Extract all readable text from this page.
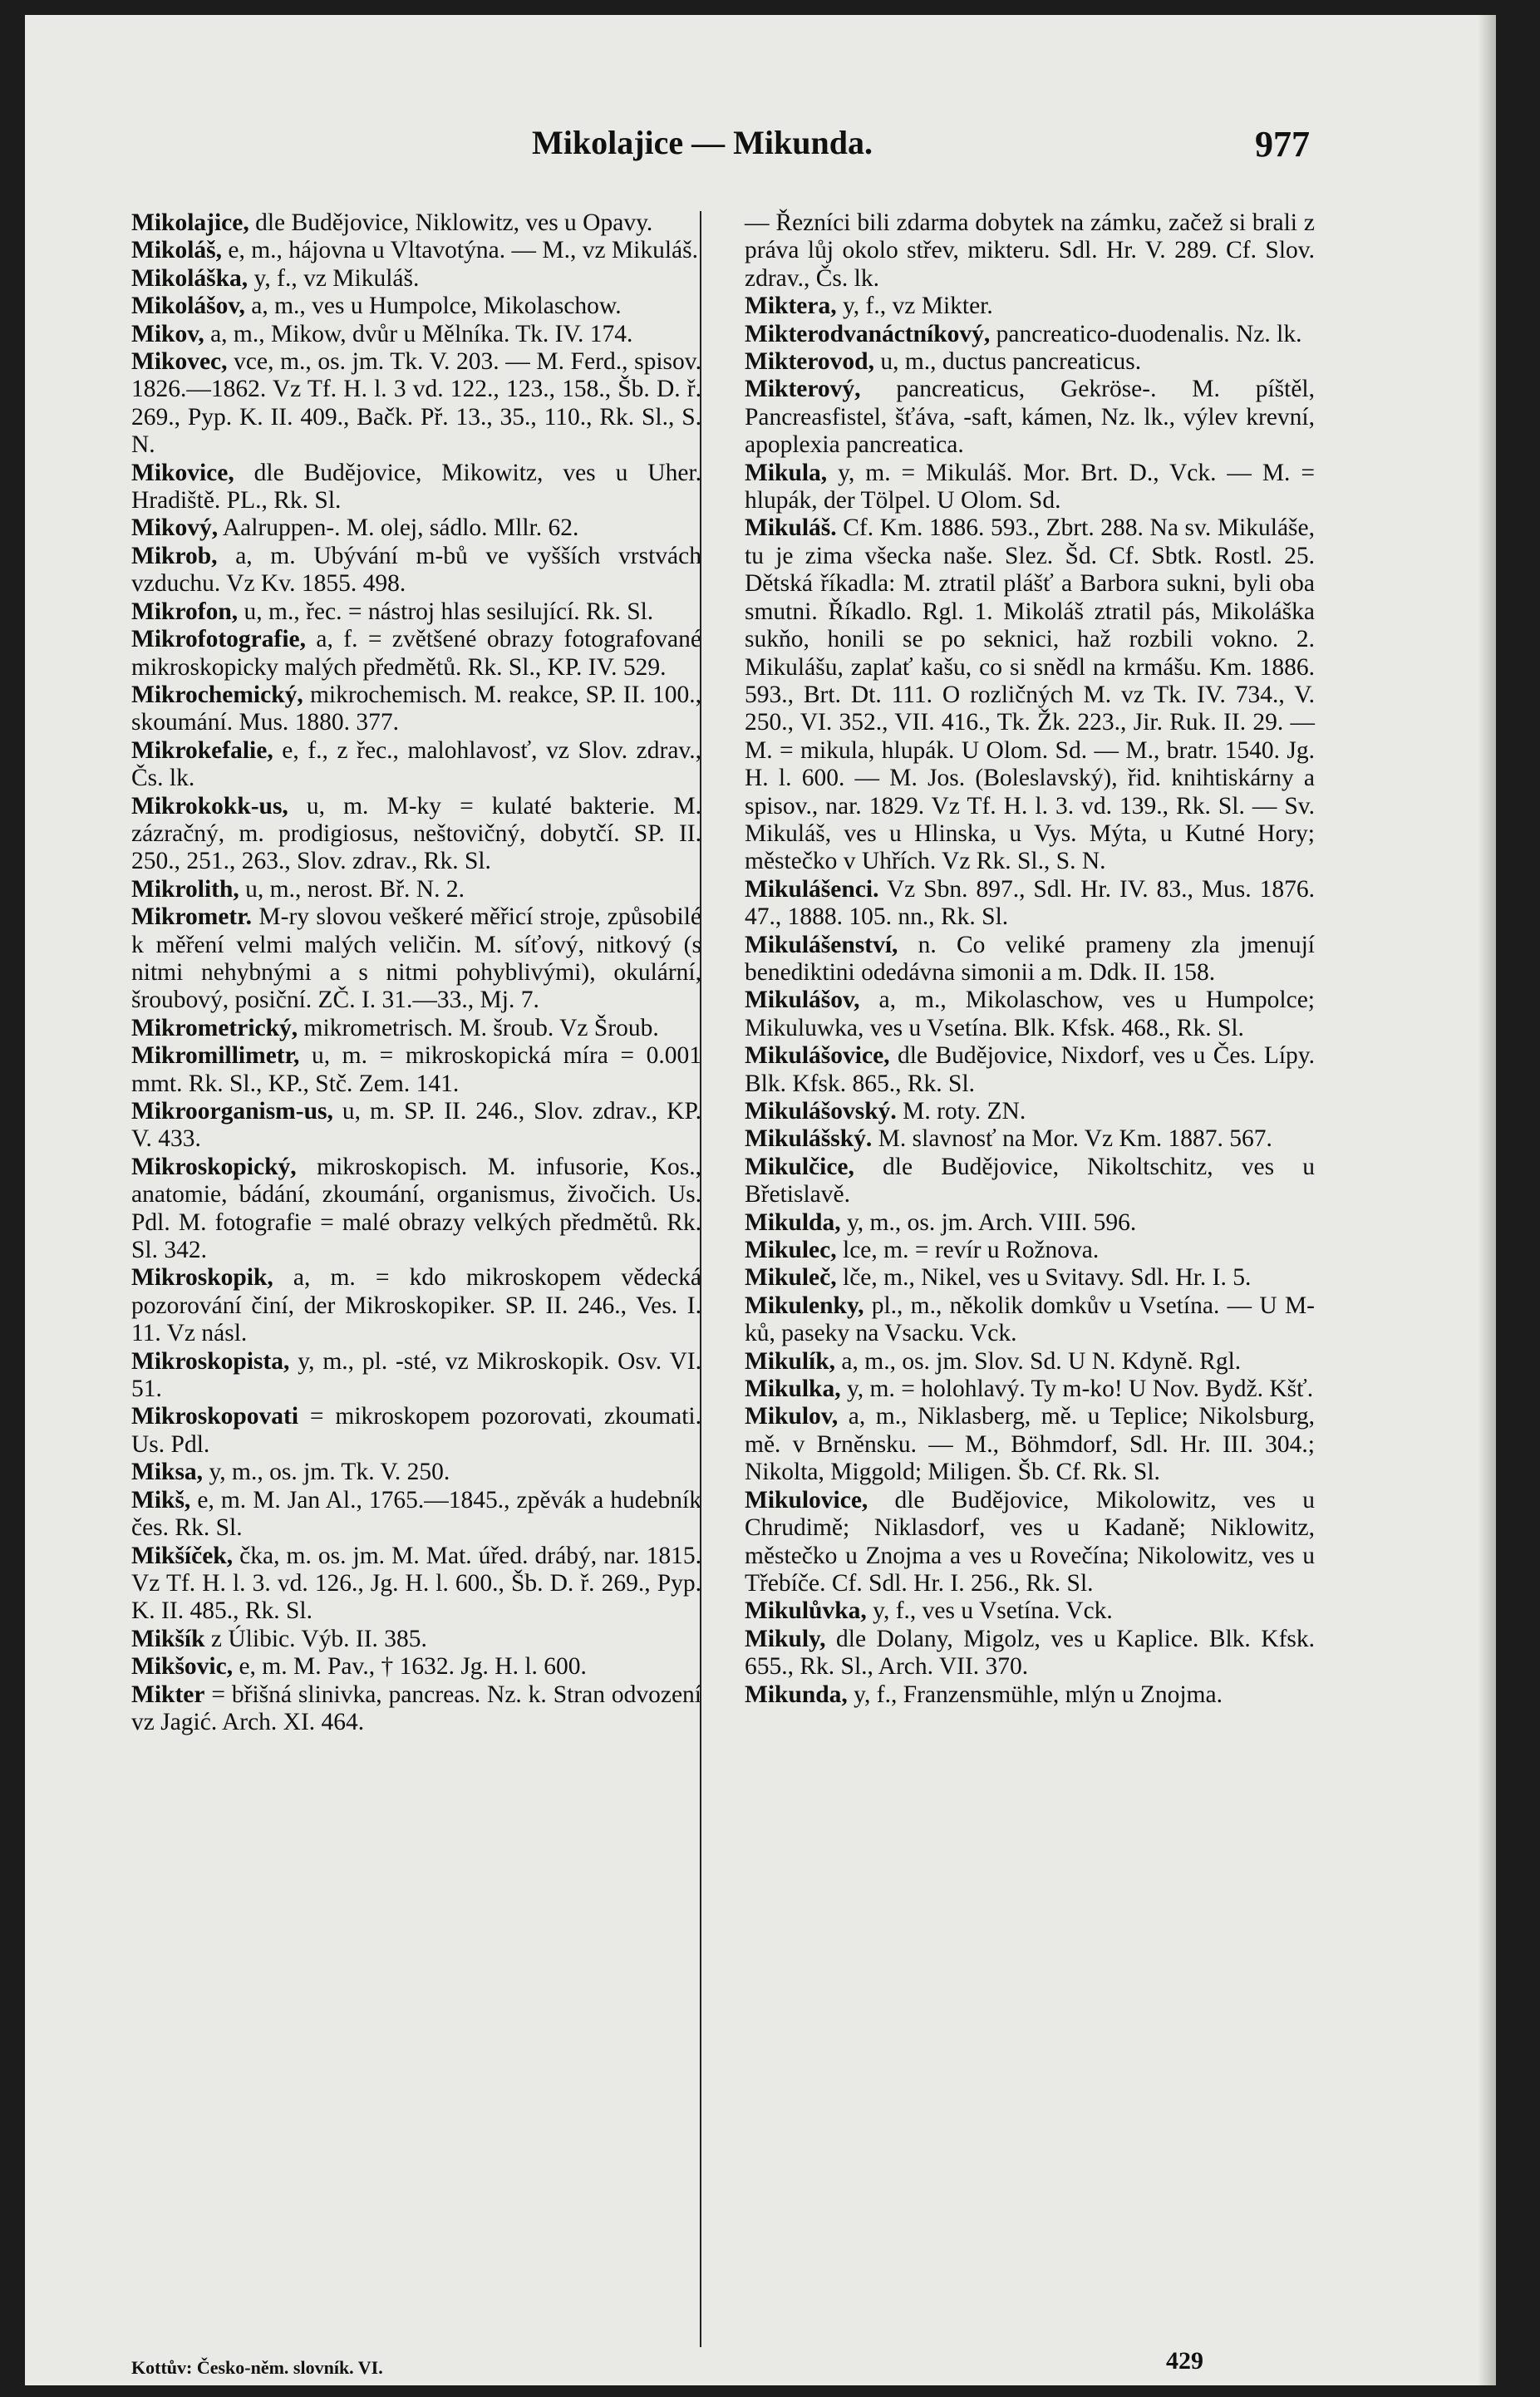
Mikolajice — Mikunda.	977

Mikolajice, dle Budějovice, Niklowitz, ves u Opavy.

Mikoláš, e, m., hájovna u Vltavotýna. — M., vz Mikuláš.

Mikoláška, y, f., vz Mikuláš.

Mikolášov, a, m., ves u Humpolce, Mikolaschow.

Mikov, a, m., Mikow, dvůr u Mělníka. Tk. IV. 174.

Mikovec, vce, m., os. jm. Tk. V. 203. — M. Ferd., spisov. 1826.—1862. Vz Tf. H. l. 3 vd. 122., 123., 158., Šb. D. ř. 269., Pyp. K. II. 409., Bačk. Př. 13., 35., 110., Rk. Sl., S. N.

Mikovice, dle Budějovice, Mikowitz, ves u Uher. Hradiště. PL., Rk. Sl.

Mikový, Aalruppen-. M. olej, sádlo. Mllr. 62.

Mikrob, a, m. Ubývání m-bů ve vyšších vrstvách vzduchu. Vz Kv. 1855. 498.

Mikrofon, u, m., řec. = nástroj hlas sesilující. Rk. Sl.

Mikrofotografie, a, f. = zvětšené obrazy fotografované mikroskopicky malých předmětů. Rk. Sl., KP. IV. 529.

Mikrochemický, mikrochemisch. M. reakce, SP. II. 100., skoumání. Mus. 1880. 377.

Mikrokefalie, e, f., z řec., malohlavosť, vz Slov. zdrav., Čs. lk.

Mikrokokk-us, u, m. M-ky = kulaté bakterie. M. zázračný, m. prodigiosus, neštovičný, dobytčí. SP. II. 250., 251., 263., Slov. zdrav., Rk. Sl.

Mikrolith, u, m., nerost. Bř. N. 2.

Mikrometr. M-ry slovou veškeré měřicí stroje, způsobilé k měření velmi malých veličin. M. síťový, nitkový (s nitmi nehybnými a s nitmi pohyblivými), okulární, šroubový, posiční. ZČ. I. 31.—33., Mj. 7.

Mikrometrický, mikrometrisch. M. šroub. Vz Šroub.

Mikromillimetr, u, m. = mikroskopická míra = 0.001 mmt. Rk. Sl., KP., Stč. Zem. 141.

Mikroorganism-us, u, m. SP. II. 246., Slov. zdrav., KP. V. 433.

Mikroskopický, mikroskopisch. M. infusorie, Kos., anatomie, bádání, zkoumání, organismus, živočich. Us. Pdl. M. fotografie = malé obrazy velkých předmětů. Rk. Sl. 342.

Mikroskopik, a, m. = kdo mikroskopem vědecká pozorování činí, der Mikroskopiker. SP. II. 246., Ves. I. 11. Vz násl.

Mikroskopista, y, m., pl. -sté, vz Mikroskopik. Osv. VI. 51.

Mikroskopovati = mikroskopem pozorovati, zkoumati. Us. Pdl.

Miksa, y, m., os. jm. Tk. V. 250.

Mikš, e, m. M. Jan Al., 1765.—1845., zpěvák a hudebník čes. Rk. Sl.

Mikšíček, čka, m. os. jm. M. Mat. úřed. drábý, nar. 1815. Vz Tf. H. l. 3. vd. 126., Jg. H. l. 600., Šb. D. ř. 269., Pyp. K. II. 485., Rk. Sl.

Mikšík z Úlibic. Výb. II. 385.

Mikšovic, e, m. M. Pav., † 1632. Jg. H. l. 600.

Mikter = břišná slinivka, pancreas. Nz. k. Stran odvození vz Jagić. Arch. XI. 464.

— Řezníci bili zdarma dobytek na zámku, začež si brali z práva lůj okolo střev, mikteru. Sdl. Hr. V. 289. Cf. Slov. zdrav., Čs. lk.

Miktera, y, f., vz Mikter.

Mikterodvanáctníkový, pancreatico-duodenalis. Nz. lk.

Mikterovod, u, m., ductus pancreaticus.

Mikterový, pancreaticus, Gekröse-. M. píštěl, Pancreasfistel, šťáva, -saft, kámen, Nz. lk., výlev krevní, apoplexia pancreatica.

Mikula, y, m. = Mikuláš. Mor. Brt. D., Vck. — M. = hlupák, der Tölpel. U Olom. Sd.

Mikuláš. Cf. Km. 1886. 593., Zbrt. 288. Na sv. Mikuláše, tu je zima všecka naše. Slez. Šd. Cf. Sbtk. Rostl. 25. Dětská říkadla: M. ztratil plášť a Barbora sukni, byli oba smutni. Říkadlo. Rgl. 1. Mikoláš ztratil pás, Mikoláška sukňo, honili se po seknici, haž rozbili vokno. 2. Mikulášu, zaplať kašu, co si snědl na krmášu. Km. 1886. 593., Brt. Dt. 111. O rozličných M. vz Tk. IV. 734., V. 250., VI. 352., VII. 416., Tk. Žk. 223., Jir. Ruk. II. 29. — M. = mikula, hlupák. U Olom. Sd. — M., bratr. 1540. Jg. H. l. 600. — M. Jos. (Boleslavský), řid. knihtiskárny a spisov., nar. 1829. Vz Tf. H. l. 3. vd. 139., Rk. Sl. — Sv. Mikuláš, ves u Hlinska, u Vys. Mýta, u Kutné Hory; městečko v Uhřích. Vz Rk. Sl., S. N.

Mikulášenci. Vz Sbn. 897., Sdl. Hr. IV. 83., Mus. 1876. 47., 1888. 105. nn., Rk. Sl.

Mikulášenství, n. Co veliké prameny zla jmenují benediktini odedávna simonii a m. Ddk. II. 158.

Mikulášov, a, m., Mikolaschow, ves u Humpolce; Mikuluwka, ves u Vsetína. Blk. Kfsk. 468., Rk. Sl.

Mikulášovice, dle Budějovice, Nixdorf, ves u Čes. Lípy. Blk. Kfsk. 865., Rk. Sl.

Mikulášovský. M. roty. ZN.

Mikulášský. M. slavnosť na Mor. Vz Km. 1887. 567.

Mikulčice, dle Budějovice, Nikoltschitz, ves u Břetislavě.

Mikulda, y, m., os. jm. Arch. VIII. 596.

Mikulec, lce, m. = revír u Rožnova.

Mikuleč, lče, m., Nikel, ves u Svitavy. Sdl. Hr. I. 5.

Mikulenky, pl., m., několik domkův u Vsetína. — U M-ků, paseky na Vsacku. Vck.

Mikulík, a, m., os. jm. Slov. Sd. U N. Kdyně. Rgl.

Mikulka, y, m. = holohlavý. Ty m-ko! U Nov. Bydž. Kšť.

Mikulov, a, m., Niklasberg, mě. u Teplice; Nikolsburg, mě. v Brněnsku. — M., Böhmdorf, Sdl. Hr. III. 304.; Nikolta, Miggold; Miligen. Šb. Cf. Rk. Sl.

Mikulovice, dle Budějovice, Mikolowitz, ves u Chrudimě; Niklasdorf, ves u Kadaně; Niklowitz, městečko u Znojma a ves u Rovečína; Nikolowitz, ves u Třebíče. Cf. Sdl. Hr. I. 256., Rk. Sl.

Mikulůvka, y, f., ves u Vsetína. Vck.

Mikuly, dle Dolany, Migolz, ves u Kaplice. Blk. Kfsk. 655., Rk. Sl., Arch. VII. 370.

Mikunda, y, f., Franzensmühle, mlýn u Znojma.

Kottův: Česko-něm. slovník. VI.	429
